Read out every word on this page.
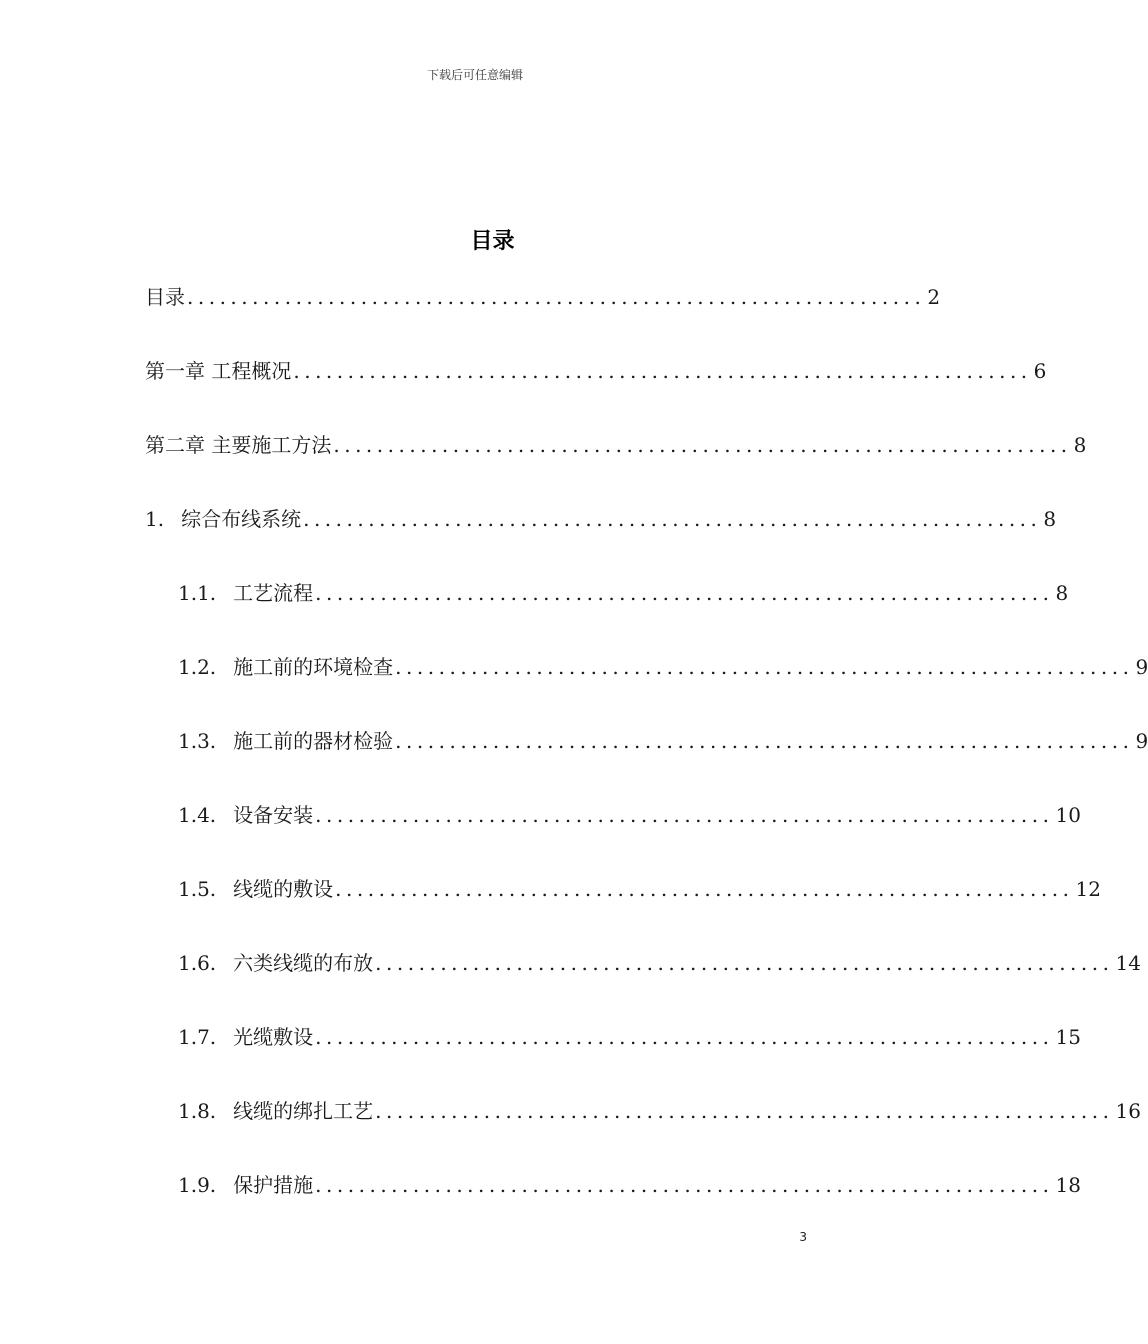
下载后可任意编辑
目录
目录 .................................................................... 2
第一章 工程概况 .................................................................... 6
第二章 主要施工方法 .................................................................... 8
1. 综合布线系统 .................................................................... 8
1.1. 工艺流程 .................................................................... 8
1.2. 施工前的环境检查 .................................................................... 9
1.3. 施工前的器材检验 .................................................................... 9
1.4. 设备安装 .................................................................... 10
1.5. 线缆的敷设 .................................................................... 12
1.6. 六类线缆的布放 .................................................................... 14
1.7. 光缆敷设 .................................................................... 15
1.8. 线缆的绑扎工艺 .................................................................... 16
1.9. 保护措施 .................................................................... 18
3
